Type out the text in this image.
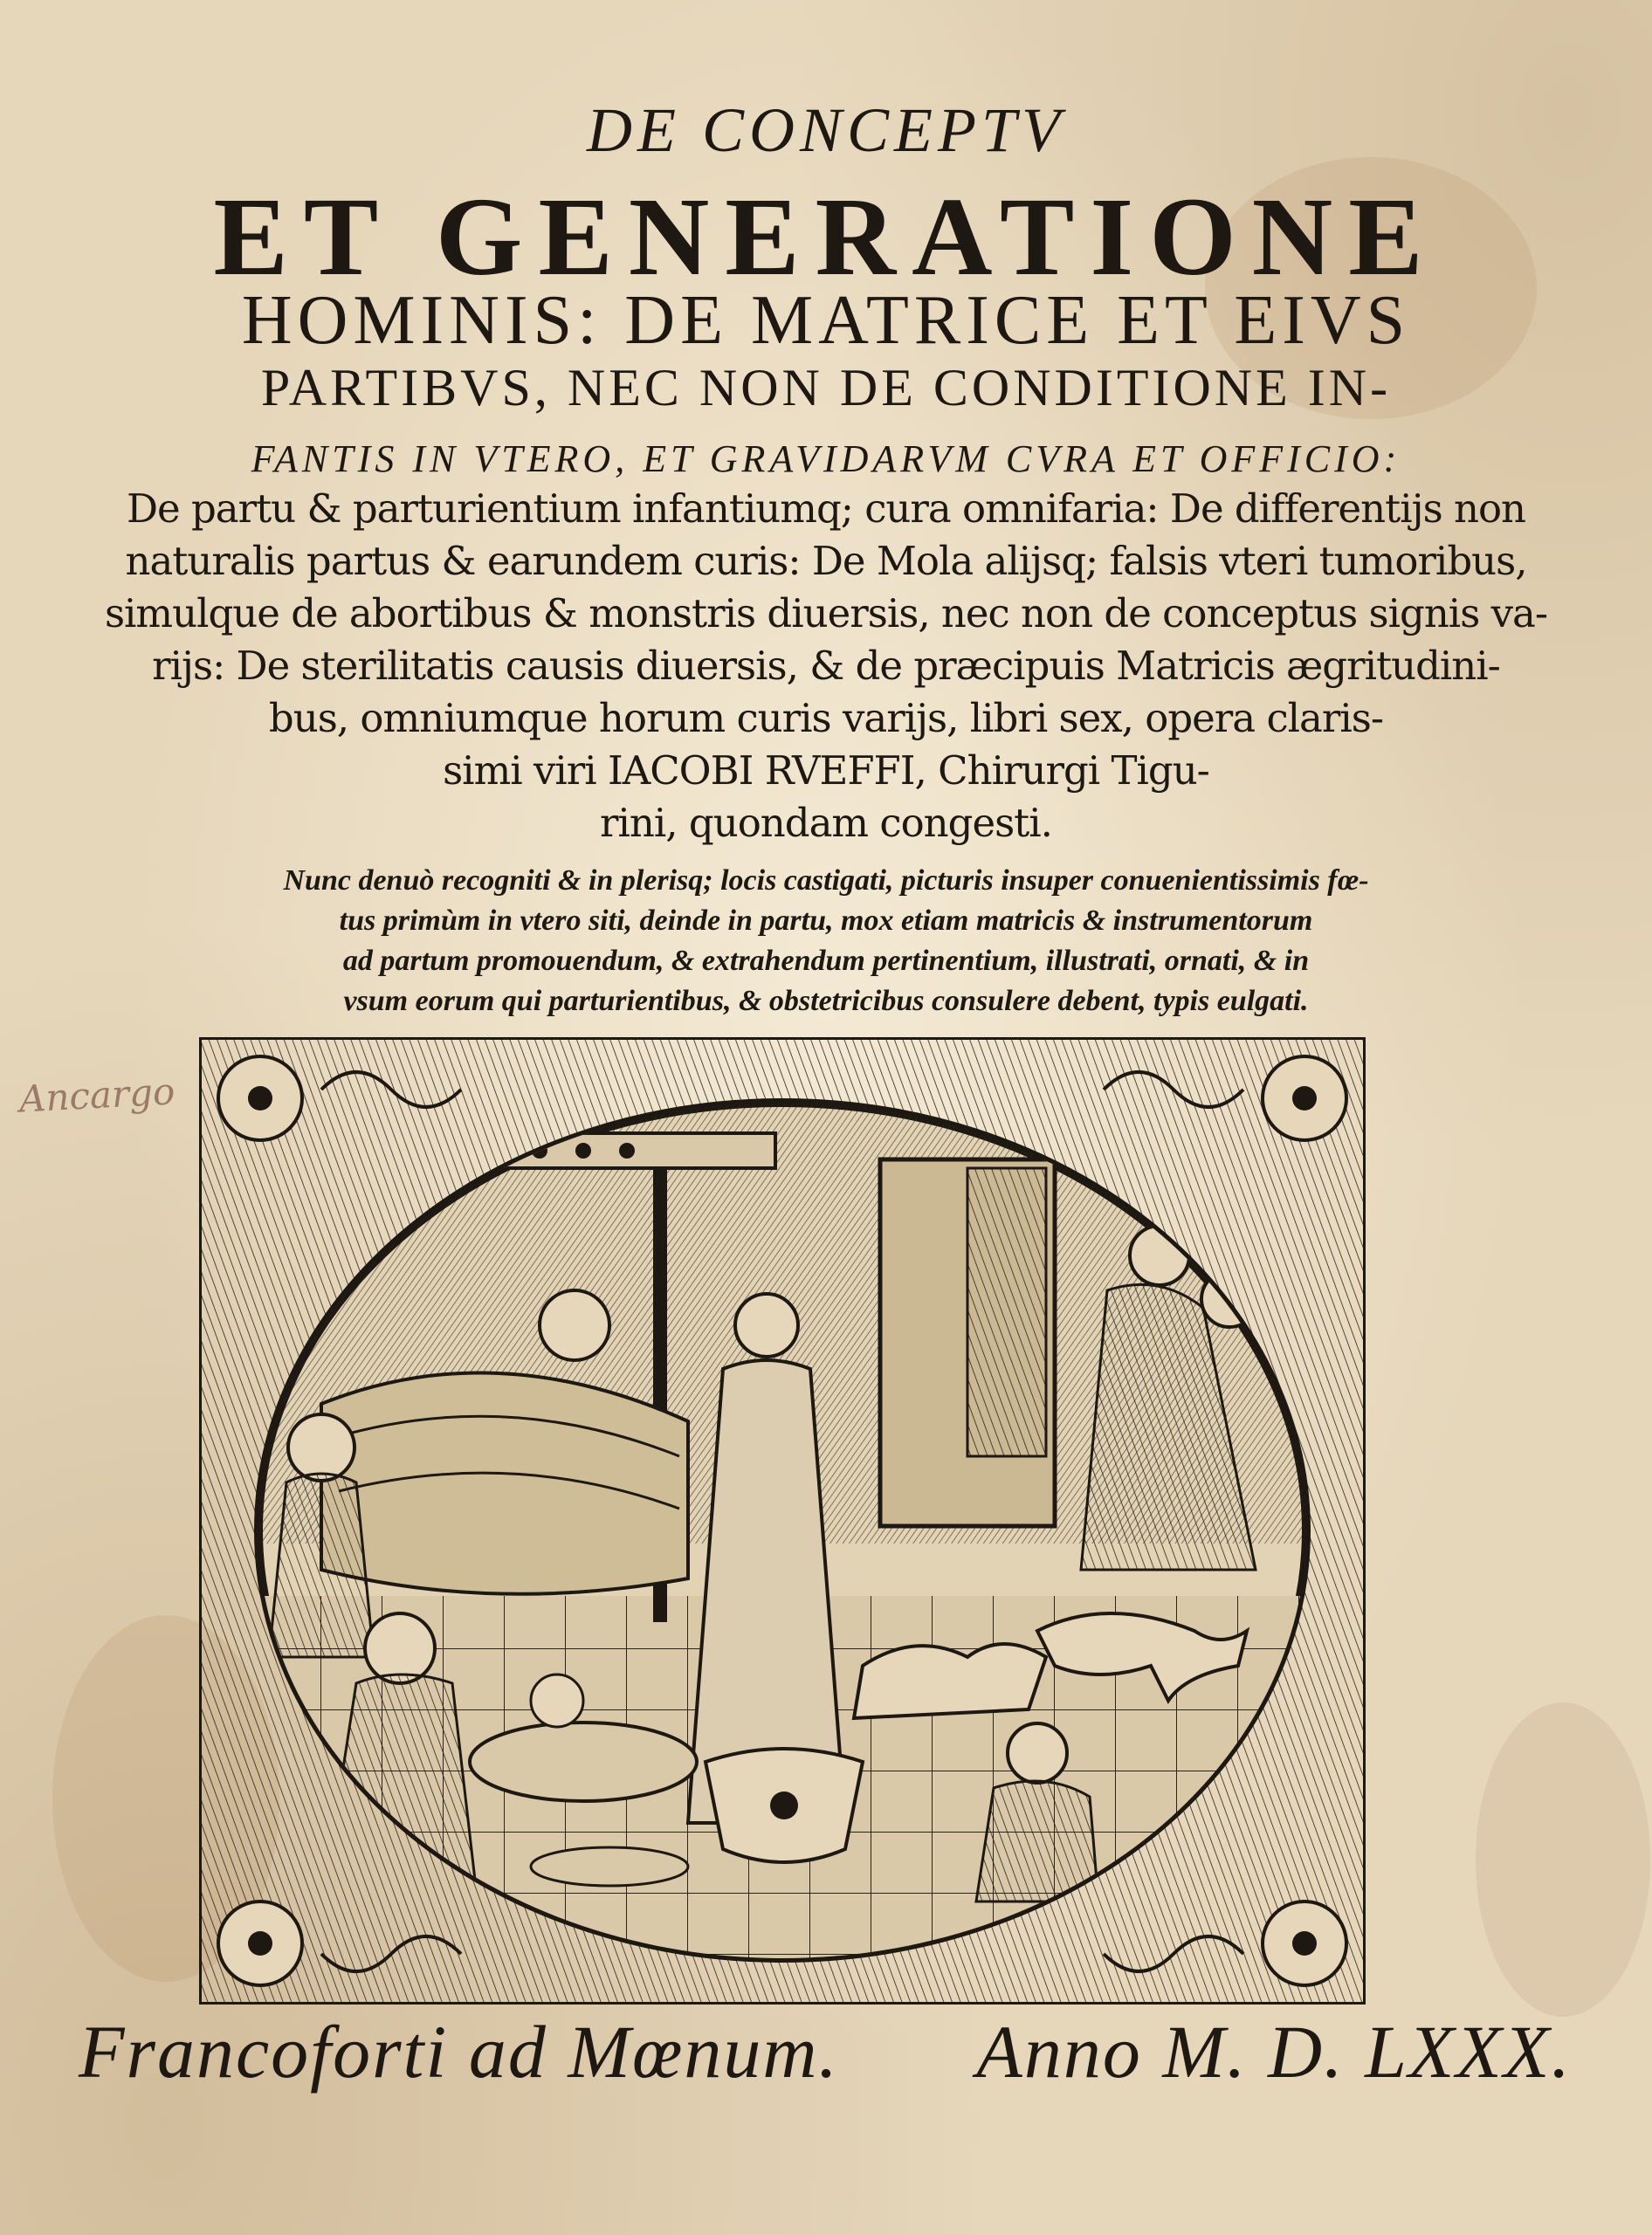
DE CONCEPTV
ET GENERATIONE
HOMINIS: DE MATRICE ET EIVS
PARTIBVS, NEC NON DE CONDITIONE IN-
FANTIS IN VTERO, ET GRAVIDARVM CVRA ET OFFICIO:
De partu & parturientium infantiumq; cura omnifaria: De differentijs non
naturalis partus & earundem curis: De Mola alijsq; falsis vteri tumoribus,
simulque de abortibus & monstris diuersis, nec non de conceptus signis va-
rijs: De sterilitatis causis diuersis, & de præcipuis Matricis ægritudini-
bus, omniumque horum curis varijs, libri sex, opera claris-
simi viri IACOBI RVEFFI, Chirurgi Tigu-
rini, quondam congesti.
Nunc denuò recogniti & in plerisq; locis castigati, picturis insuper conuenientissimis fœ-
tus primùm in vtero siti, deinde in partu, mox etiam matricis & instrumentorum
ad partum promouendum, & extrahendum pertinentium, illustrati, ornati, & in
vsum eorum qui parturientibus, & obstetricibus consulere debent, typis eulgati.
Ancargo
Francoforti ad Mœnum. Anno M. D. LXXX.
